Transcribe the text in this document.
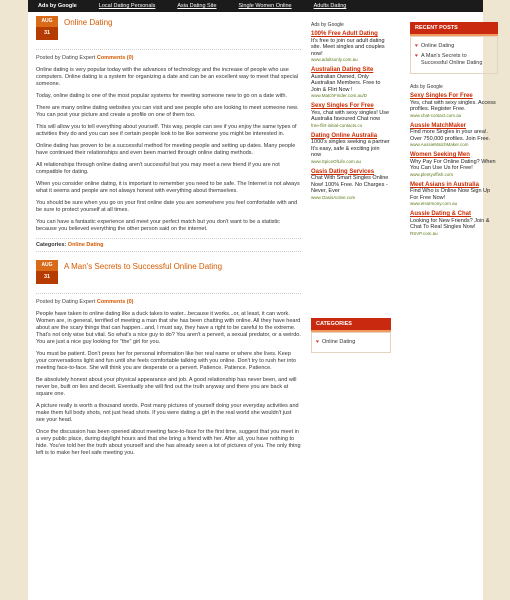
Ads by Google	Local Dating Personals	Asia Dating Site	Single Women Online	Adults Dating
AUG
31
Online Dating
Posted by Dating Expert Comments (0)

Online dating is very popular today with the advances of technology and the increase of people who use computers. Online dating is a system for organizing a date and can be an excellent way to meet that special someone.

Today, online dating is one of the most popular systems for meeting someone new to go on a date with.

There are many online dating websites you can visit and see people who are looking to meet someone new. You can post your picture and create a profile on one of them too.

This will allow you to tell everything about yourself. This way, people can see if you enjoy the same types of activities they do and you can see if certain people look to be like someone you might be interested in.

Online dating has proven to be a successful method for meeting people and setting up dates. Many people have continued their relationships and even been married through online dating methods.

All relationships through online dating aren't successful but you may meet a new friend if you are not compatible for dating.

When you consider online dating, it is important to remember you need to be safe. The Internet is not always what it seems and people are not always honest with everything about themselves.

You should be sure when you go on your first online date you are somewhere you feel comfortable with and be sure to protect yourself at all times.

You can have a fantastic experience and meet your perfect match but you don't want to be a statistic because you believed everything the other person said on the internet.

Categories: Online Dating
AUG
31
A Man's Secrets to Successful Online Dating
Posted by Dating Expert Comments (0)

People have taken to online dating like a duck takes to water...because it works...or, at least, it can work. Women are, in general, terrified of meeting a man that she has been chatting with online. All they have heard about are the scary things that can happen...and, I must say, they have a right to be careful to the extreme. That's not only wise but vital. So what's a nice guy to do? You aren't a pervert, a sexual predator, or a weirdo. You are just a nice guy looking for "the" girl for you.

You must be patient. Don't press her for personal information like her real name or where she lives. Keep your conversations light and fun until she feels comfortable talking with you online. Don't try to rush her into meeting face-to-face. She will think you are desperate or a pervert. Patience. Patience. Patience.

Be absolutely honest about your physical appearance and job. A good relationship has never been, and will never be, built on lies and deceit. Eventually she will find out the truth anyway and there you are back at square one.

A picture really is worth a thousand words. Post many pictures of yourself doing your everyday activities and make them full body shots, not just head shots. If you were dating a girl in the real world she wouldn't just see your head.

Once the discussion has been opened about meeting face-to-face for the first time, suggest that you meet in a very public place, during daylight hours and that she bring a friend with her. After all, you have nothing to hide. You've told her the truth about yourself and she has already seen a lot of pictures of you. The only thing left is to make her feel safe meeting you.

Ads by Google
100% Free Adult Dating
It's free to join our adult dating site. Meet singles and couples now!
www.adultsonly.com.au
Australian Dating Site
Australian Owned, Only Australian Members. Free to Join & Flirt Now !
www.MatchFinder.com.au/D
Sexy Singles For Free
Yes, chat with sexy singles! Use Australia favoured Chat now
free-flirt-initial-contacts.co
Dating Online Australia
1000's singles seeking a partner It's easy, safe & exciting join now
www.SpiceOfLife.com.au
Oasis Dating Services
Chat With Smart Singles Online Now! 100% Free. No Charges - Never, Ever
www.OasisActive.com
CATEGORIES
♥ Online Dating
RECENT POSTS
♥ Online Dating
♥ A Man's Secrets to Successful Online Dating
Ads by Google
Sexy Singles For Free
Yes, chat with sexy singles. Access profiles. Register Free.
www.chat-contact.com.au
Aussie MatchMaker
Find more Singles in your area!. Over 750,000 profiles. Join Free.
www.AussieMatchMaker.com
Women Seeking Men
Why Pay For Online Dating? When You Can Use Us for Free!
www.plentyoffish.com
Meet Asians in Australia
Find Who is Online Now Sign Up For Free Now!
www.eHarmony.com.au
Aussie Dating & Chat
Looking for New Friends? Join & Chat To Real Singles Now!
RSVP.com.au
